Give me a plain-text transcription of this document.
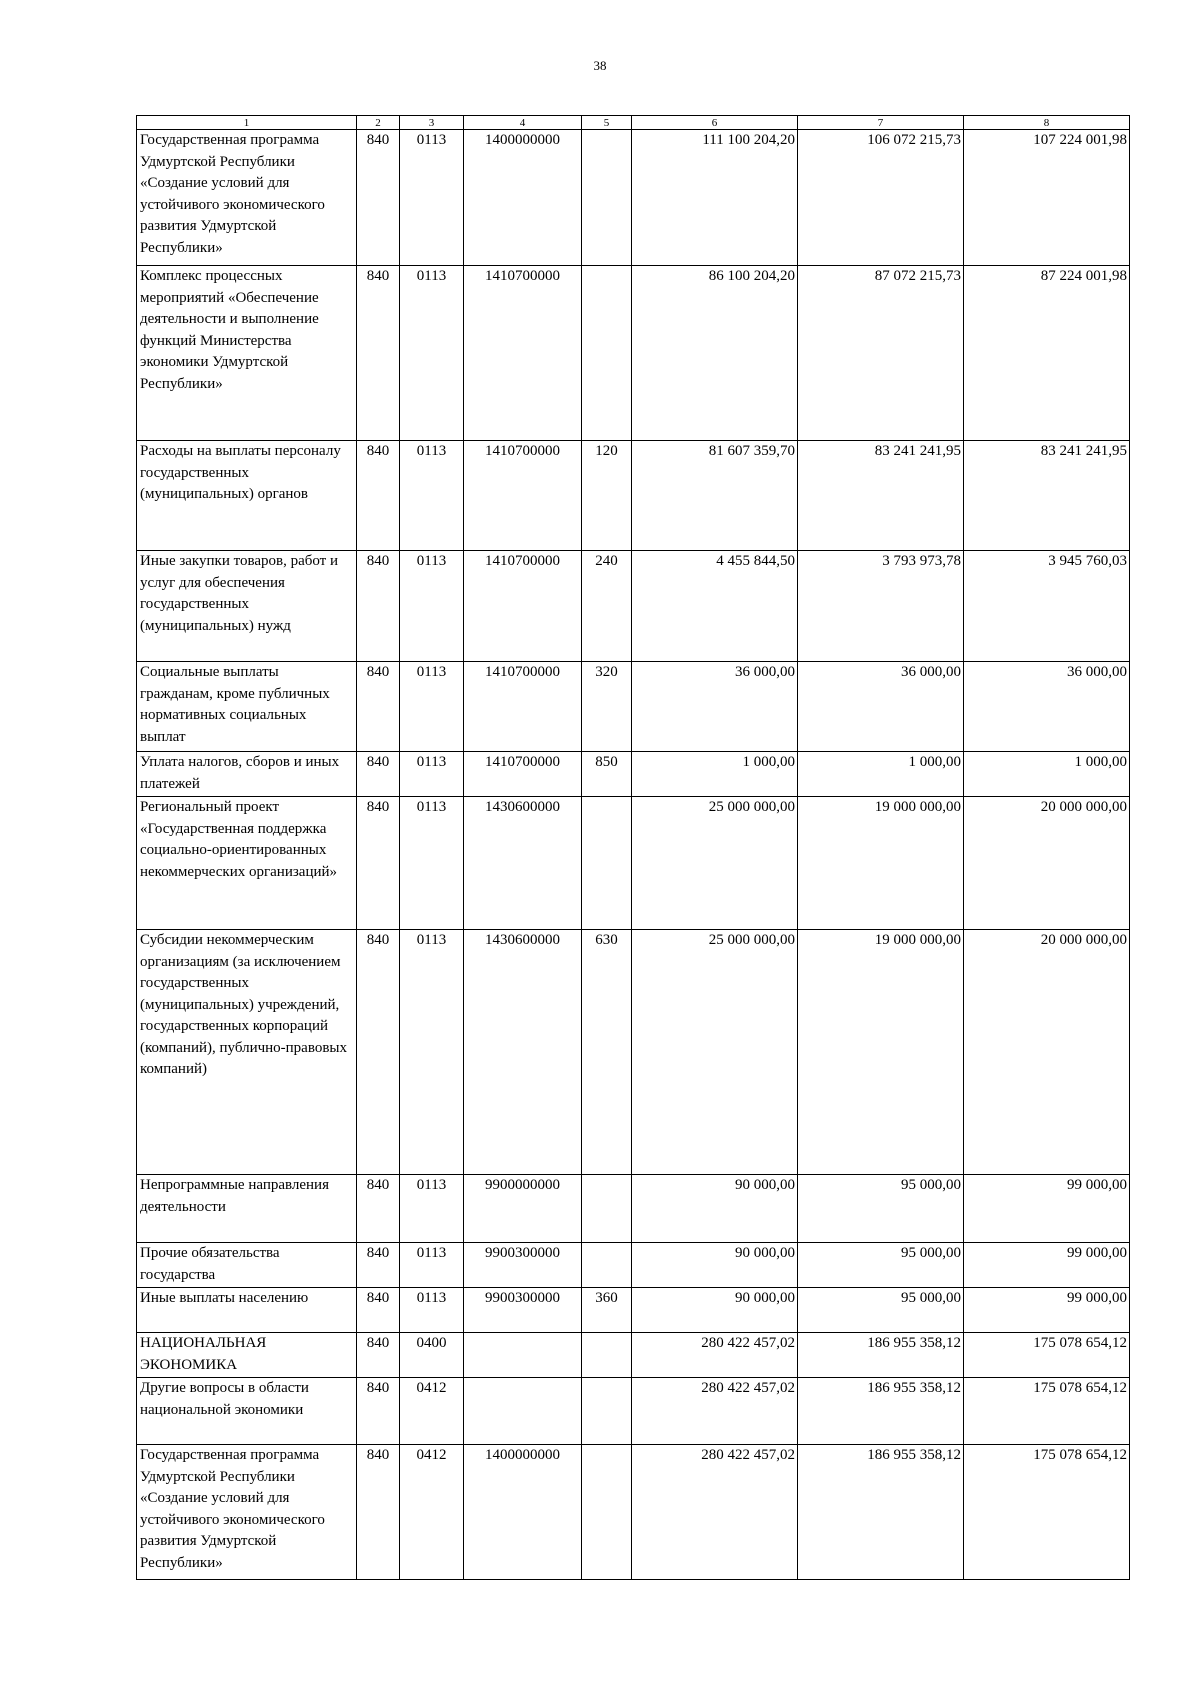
38
1	2	3	4	5	6	7	8
Государственная программа Удмуртской Республики «Создание условий для устойчивого экономического развития Удмуртской Республики»	840	0113	1400000000		111 100 204,20	106 072 215,73	107 224 001,98
Комплекс процессных мероприятий «Обеспечение деятельности и выполнение функций Министерства экономики Удмуртской Республики»	840	0113	1410700000		86 100 204,20	87 072 215,73	87 224 001,98
Расходы на выплаты персоналу государственных (муниципальных) органов	840	0113	1410700000	120	81 607 359,70	83 241 241,95	83 241 241,95
Иные закупки товаров, работ и услуг для обеспечения государственных (муниципальных) нужд	840	0113	1410700000	240	4 455 844,50	3 793 973,78	3 945 760,03
Социальные выплаты гражданам, кроме публичных нормативных социальных выплат	840	0113	1410700000	320	36 000,00	36 000,00	36 000,00
Уплата налогов, сборов и иных платежей	840	0113	1410700000	850	1 000,00	1 000,00	1 000,00
Региональный проект «Государственная поддержка социально-ориентированных некоммерческих организаций»	840	0113	1430600000		25 000 000,00	19 000 000,00	20 000 000,00
Субсидии некоммерческим организациям (за исключением государственных (муниципальных) учреждений, государственных корпораций (компаний), публично-правовых компаний)	840	0113	1430600000	630	25 000 000,00	19 000 000,00	20 000 000,00
Непрограммные направления деятельности	840	0113	9900000000		90 000,00	95 000,00	99 000,00
Прочие обязательства государства	840	0113	9900300000		90 000,00	95 000,00	99 000,00
Иные выплаты населению	840	0113	9900300000	360	90 000,00	95 000,00	99 000,00
НАЦИОНАЛЬНАЯ ЭКОНОМИКА	840	0400			280 422 457,02	186 955 358,12	175 078 654,12
Другие вопросы в области национальной экономики	840	0412			280 422 457,02	186 955 358,12	175 078 654,12
Государственная программа Удмуртской Республики «Создание условий для устойчивого экономического развития Удмуртской Республики»	840	0412	1400000000		280 422 457,02	186 955 358,12	175 078 654,12
